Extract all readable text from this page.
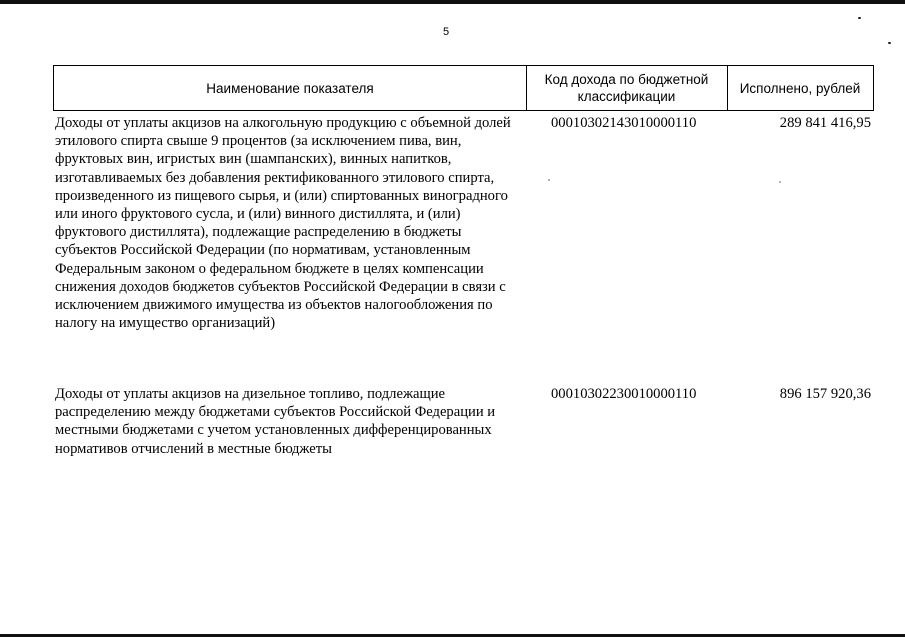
5
Наименование показателя
Код дохода по бюджетной классификации
Исполнено, рублей
Доходы от уплаты акцизов на алкогольную продукцию с объемной долей этилового спирта свыше 9 процентов (за исключением пива, вин, фруктовых вин, игристых вин (шампанских), винных напитков, изготавливаемых без добавления ректификованного этилового спирта, произведенного из пищевого сырья, и (или) спиртованных виноградного или иного фруктового сусла, и (или) винного дистиллята, и (или) фруктового дистиллята), подлежащие распределению в бюджеты субъектов Российской Федерации (по нормативам, установленным Федеральным законом о федеральном бюджете в целях компенсации снижения доходов бюджетов субъектов Российской Федерации в связи с исключением движимого имущества из объектов налогообложения по налогу на имущество организаций)
00010302143010000110	289 841 416,95
Доходы от уплаты акцизов на дизельное топливо, подлежащие распределению между бюджетами субъектов Российской Федерации и местными бюджетами с учетом установленных дифференцированных нормативов отчислений в местные бюджеты
00010302230010000110	896 157 920,36
